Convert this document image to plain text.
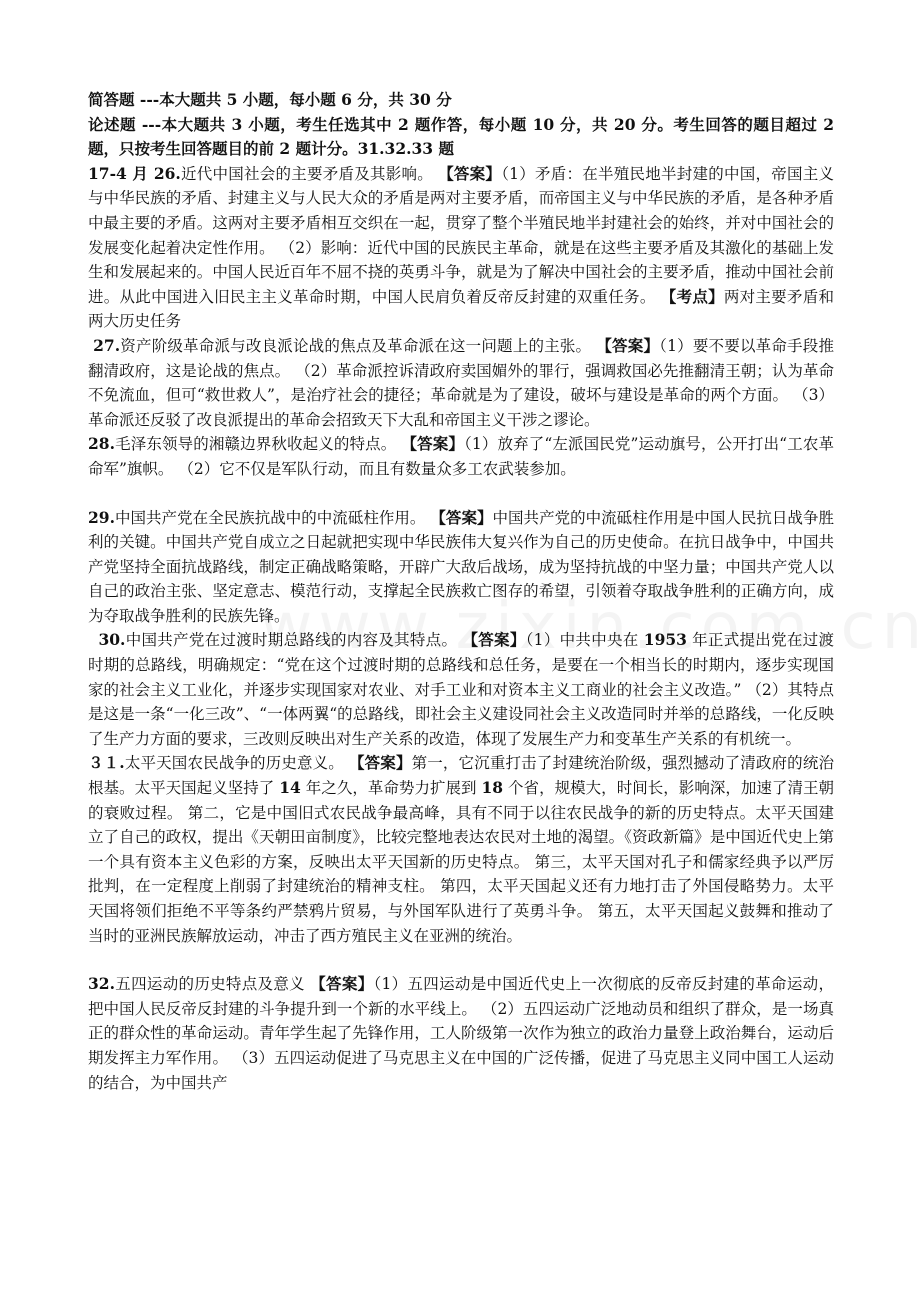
简答题 ---本大题共 5 小题，每小题 6 分，共 30 分

论述题 ---本大题共 3 小题，考生任选其中 2 题作答，每小题 10 分，共 20 分。考生回答的题目超过 2 题，只按考生回答题目的前 2 题计分。31.32.33 题

17-4 月 26.近代中国社会的主要矛盾及其影响。 【答案】（1）矛盾：在半殖民地半封建的中国，帝国主义与中华民族的矛盾、封建主义与人民大众的矛盾是两对主要矛盾，而帝国主义与中华民族的矛盾，是各种矛盾中最主要的矛盾。这两对主要矛盾相互交织在一起，贯穿了整个半殖民地半封建社会的始终，并对中国社会的发展变化起着决定性作用。 （2）影响：近代中国的民族民主革命，就是在这些主要矛盾及其激化的基础上发生和发展起来的。中国人民近百年不屈不挠的英勇斗争，就是为了解决中国社会的主要矛盾，推动中国社会前进。从此中国进入旧民主主义革命时期，中国人民肩负着反帝反封建的双重任务。 【考点】两对主要矛盾和两大历史任务

27.资产阶级革命派与改良派论战的焦点及革命派在这一问题上的主张。 【答案】（1）要不要以革命手段推翻清政府，这是论战的焦点。 （2）革命派控诉清政府卖国媚外的罪行，强调救国必先推翻清王朝；认为革命不免流血，但可“救世救人”，是治疗社会的捷径；革命就是为了建设，破坏与建设是革命的两个方面。 （3）革命派还反驳了改良派提出的革命会招致天下大乱和帝国主义干涉之谬论。

28.毛泽东领导的湘赣边界秋收起义的特点。 【答案】（1）放弃了“左派国民党”运动旗号，公开打出“工农革命军”旗帜。 （2）它不仅是军队行动，而且有数量众多工农武装参加。

29.中国共产党在全民族抗战中的中流砥柱作用。 【答案】中国共产党的中流砥柱作用是中国人民抗日战争胜利的关键。中国共产党自成立之日起就把实现中华民族伟大复兴作为自己的历史使命。在抗日战争中，中国共产党坚持全面抗战路线，制定正确战略策略，开辟广大敌后战场，成为坚持抗战的中坚力量；中国共产党人以自己的政治主张、坚定意志、模范行动，支撑起全民族救亡图存的希望，引领着夺取战争胜利的正确方向，成为夺取战争胜利的民族先锋。

30.中国共产党在过渡时期总路线的内容及其特点。 【答案】（1）中共中央在 1953 年正式提出党在过渡时期的总路线，明确规定：“党在这个过渡时期的总路线和总任务，是要在一个相当长的时期内，逐步实现国家的社会主义工业化，并逐步实现国家对农业、对手工业和对资本主义工商业的社会主义改造。” （2）其特点是这是一条“一化三改”、“一体两翼“的总路线，即社会主义建设同社会主义改造同时并举的总路线，一化反映了生产力方面的要求，三改则反映出对生产关系的改造，体现了发展生产力和变革生产关系的有机统一。

３１.太平天国农民战争的历史意义。 【答案】第一，它沉重打击了封建统治阶级，强烈撼动了清政府的统治根基。太平天国起义坚持了 14 年之久，革命势力扩展到 18 个省，规模大，时间长，影响深，加速了清王朝的衰败过程。 第二，它是中国旧式农民战争最高峰，具有不同于以往农民战争的新的历史特点。太平天国建立了自己的政权，提出《天朝田亩制度》，比较完整地表达农民对土地的渴望。《资政新篇》是中国近代史上第一个具有资本主义色彩的方案，反映出太平天国新的历史特点。 第三，太平天国对孔子和儒家经典予以严厉批判，在一定程度上削弱了封建统治的精神支柱。 第四，太平天国起义还有力地打击了外国侵略势力。太平天国将领们拒绝不平等条约严禁鸦片贸易，与外国军队进行了英勇斗争。 第五，太平天国起义鼓舞和推动了当时的亚洲民族解放运动，冲击了西方殖民主义在亚洲的统治。

32.五四运动的历史特点及意义 【答案】（1）五四运动是中国近代史上一次彻底的反帝反封建的革命运动，把中国人民反帝反封建的斗争提升到一个新的水平线上。 （2）五四运动广泛地动员和组织了群众，是一场真正的群众性的革命运动。青年学生起了先锋作用，工人阶级第一次作为独立的政治力量登上政治舞台，运动后期发挥主力军作用。 （3）五四运动促进了马克思主义在中国的广泛传播，促进了马克思主义同中国工人运动的结合，为中国共产
